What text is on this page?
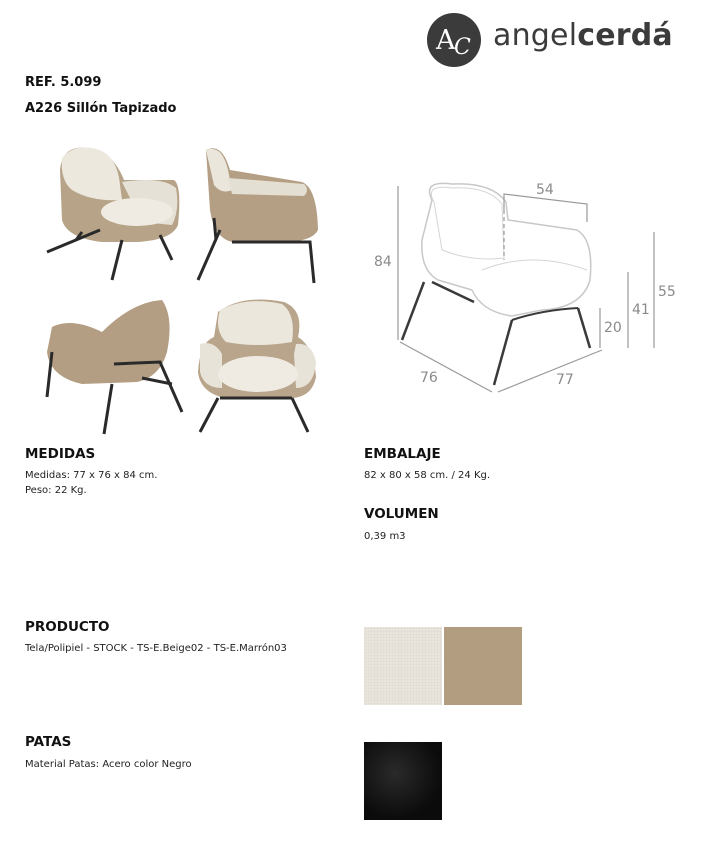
REF. 5.099
A226 Sillón Tapizado
A
C angelcerdá
54
84
76	77
20
41
55
MEDIDAS
Medidas: 77 x 76 x 84 cm.
Peso: 22 Kg.
EMBALAJE
82 x 80 x 58 cm. / 24 Kg.
VOLUMEN
0,39 m3
PRODUCTO
Tela/Polipiel - STOCK - TS-E.Beige02 - TS-E.Marrón03
PATAS
Material Patas: Acero color Negro
